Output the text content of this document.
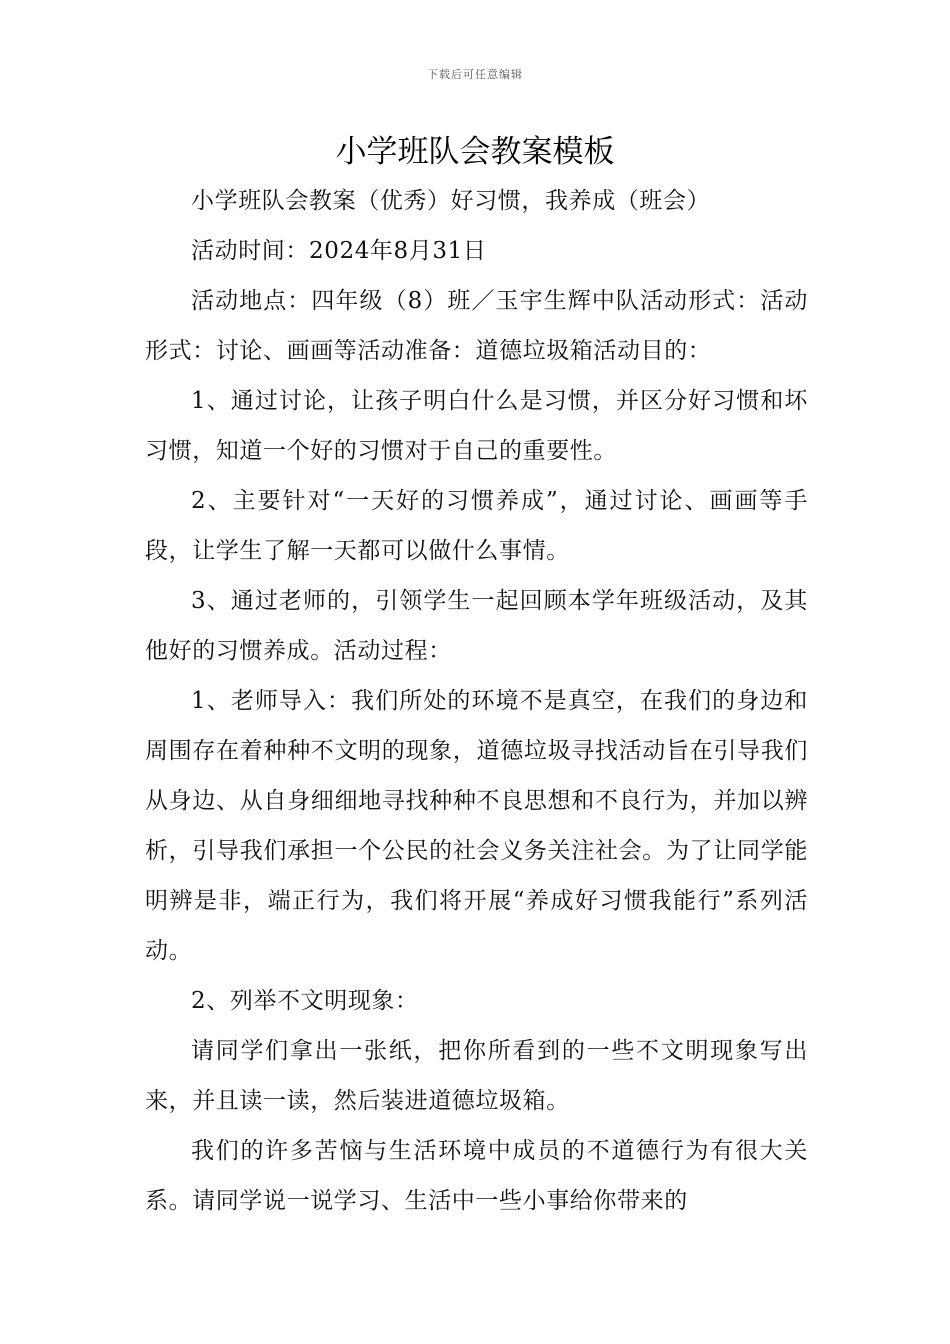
下载后可任意编辑
小学班队会教案模板

小学班队会教案（优秀）好习惯，我养成（班会）

活动时间：2024年8月31日

活动地点：四年级（8）班／玉宇生辉中队活动形式：活动形式：讨论、画画等活动准备：道德垃圾箱活动目的：

1、通过讨论，让孩子明白什么是习惯，并区分好习惯和坏习惯，知道一个好的习惯对于自己的重要性。

2、主要针对“一天好的习惯养成”，通过讨论、画画等手段，让学生了解一天都可以做什么事情。

3、通过老师的，引领学生一起回顾本学年班级活动，及其他好的习惯养成。活动过程：

1、老师导入：我们所处的环境不是真空，在我们的身边和周围存在着种种不文明的现象，道德垃圾寻找活动旨在引导我们从身边、从自身细细地寻找种种不良思想和不良行为，并加以辨析，引导我们承担一个公民的社会义务关注社会。为了让同学能明辨是非，端正行为，我们将开展“养成好习惯我能行”系列活动。

2、列举不文明现象：

请同学们拿出一张纸，把你所看到的一些不文明现象写出来，并且读一读，然后装进道德垃圾箱。

我们的许多苦恼与生活环境中成员的不道德行为有很大关系。请同学说一说学习、生活中一些小事给你带来的
